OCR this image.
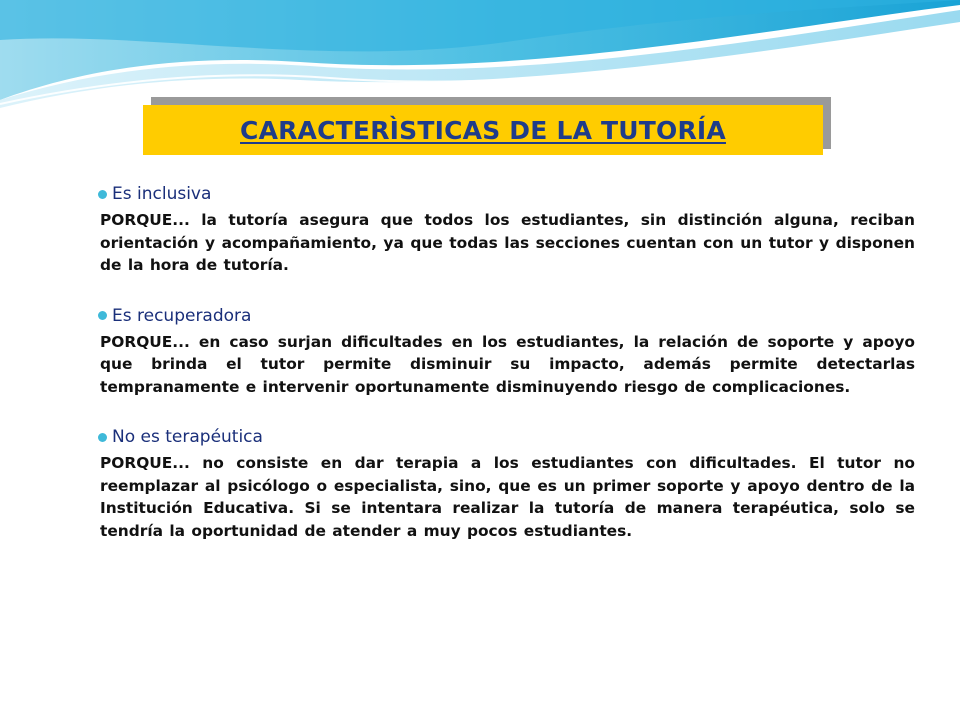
CARACTERÌSTICAS DE LA TUTORÍA
Es inclusiva
PORQUE... la tutoría asegura que todos los estudiantes, sin distinción alguna, reciban orientación y acompañamiento, ya que todas las secciones cuentan con un tutor y disponen de la hora de tutoría.
Es recuperadora
PORQUE... en caso surjan dificultades en los estudiantes, la relación de soporte y apoyo que brinda el tutor permite disminuir su impacto, además permite detectarlas tempranamente e intervenir oportunamente disminuyendo riesgo de complicaciones.
No es terapéutica
PORQUE... no consiste en dar terapia a los estudiantes con dificultades. El tutor no reemplazar al psicólogo o especialista, sino, que es un primer soporte y apoyo dentro de la Institución Educativa. Si se intentara realizar la tutoría de manera terapéutica, solo se tendría la oportunidad de atender a muy pocos estudiantes.
